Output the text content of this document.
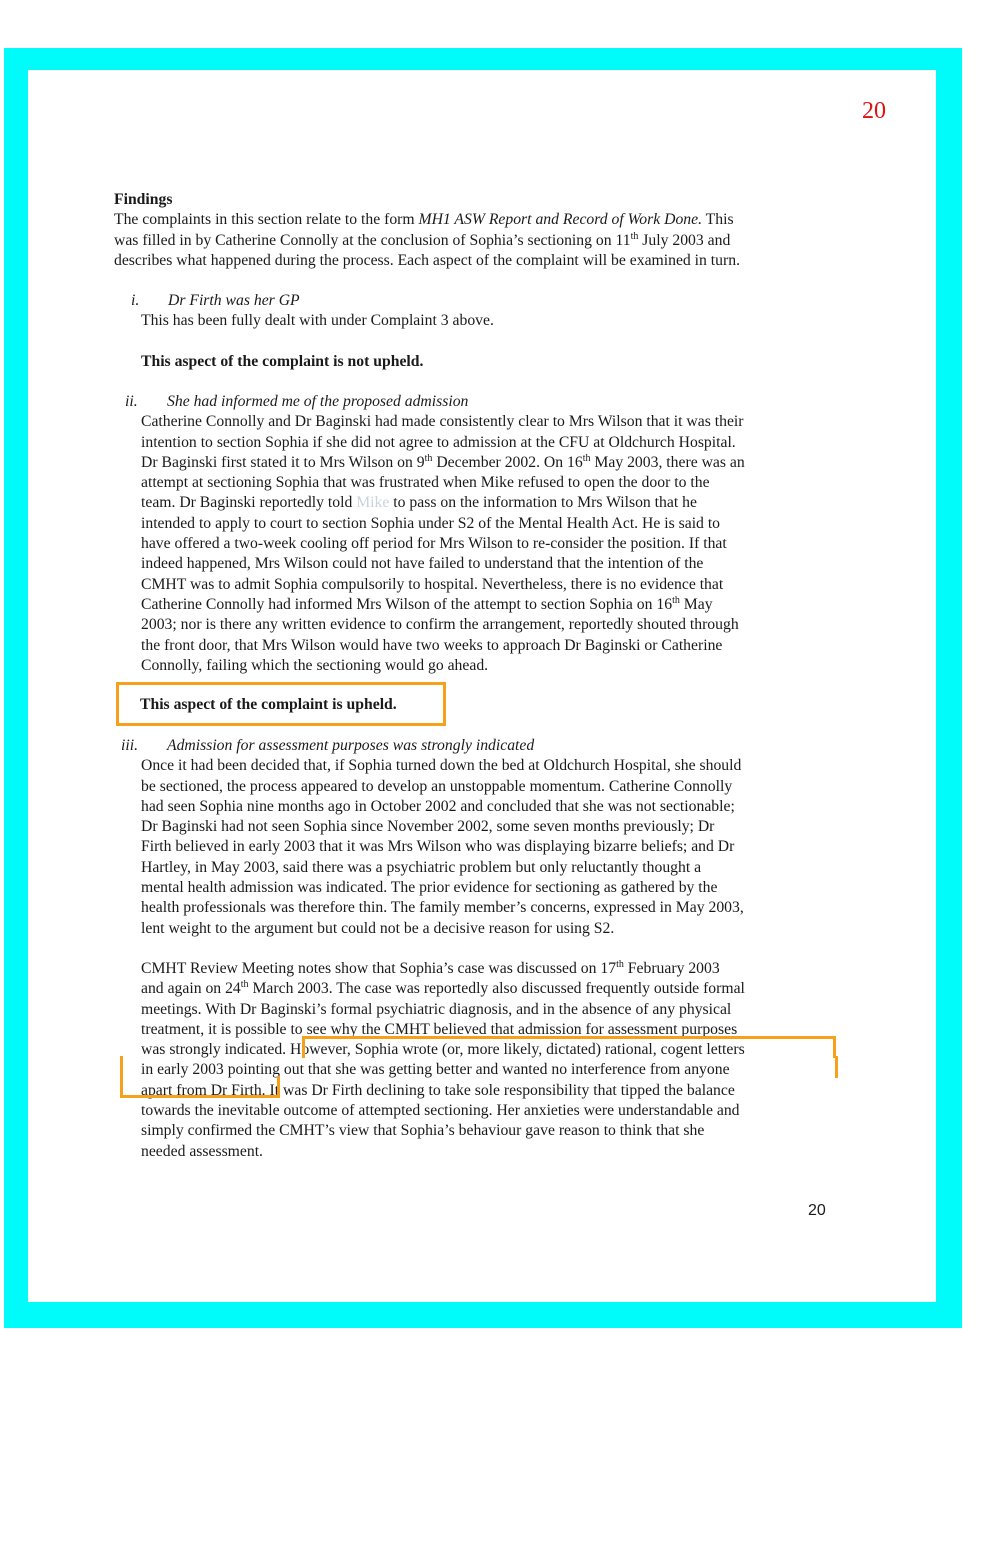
20
Findings
The complaints in this section relate to the form MH1 ASW Report and Record of Work Done. This
was filled in by Catherine Connolly at the conclusion of Sophia’s sectioning on 11th July 2003 and
describes what happened during the process. Each aspect of the complaint will be examined in turn.
i. Dr Firth was her GP
This has been fully dealt with under Complaint 3 above.
This aspect of the complaint is not upheld.
ii. She had informed me of the proposed admission
Catherine Connolly and Dr Baginski had made consistently clear to Mrs Wilson that it was their
intention to section Sophia if she did not agree to admission at the CFU at Oldchurch Hospital.
Dr Baginski first stated it to Mrs Wilson on 9th December 2002. On 16th May 2003, there was an
attempt at sectioning Sophia that was frustrated when Mike refused to open the door to the
team. Dr Baginski reportedly told Mike to pass on the information to Mrs Wilson that he
intended to apply to court to section Sophia under S2 of the Mental Health Act. He is said to
have offered a two-week cooling off period for Mrs Wilson to re-consider the position. If that
indeed happened, Mrs Wilson could not have failed to understand that the intention of the
CMHT was to admit Sophia compulsorily to hospital. Nevertheless, there is no evidence that
Catherine Connolly had informed Mrs Wilson of the attempt to section Sophia on 16th May
2003; nor is there any written evidence to confirm the arrangement, reportedly shouted through
the front door, that Mrs Wilson would have two weeks to approach Dr Baginski or Catherine
Connolly, failing which the sectioning would go ahead.
This aspect of the complaint is upheld.
iii. Admission for assessment purposes was strongly indicated
Once it had been decided that, if Sophia turned down the bed at Oldchurch Hospital, she should
be sectioned, the process appeared to develop an unstoppable momentum. Catherine Connolly
had seen Sophia nine months ago in October 2002 and concluded that she was not sectionable;
Dr Baginski had not seen Sophia since November 2002, some seven months previously; Dr
Firth believed in early 2003 that it was Mrs Wilson who was displaying bizarre beliefs; and Dr
Hartley, in May 2003, said there was a psychiatric problem but only reluctantly thought a
mental health admission was indicated. The prior evidence for sectioning as gathered by the
health professionals was therefore thin. The family member’s concerns, expressed in May 2003,
lent weight to the argument but could not be a decisive reason for using S2.
CMHT Review Meeting notes show that Sophia’s case was discussed on 17th February 2003
and again on 24th March 2003. The case was reportedly also discussed frequently outside formal
meetings. With Dr Baginski’s formal psychiatric diagnosis, and in the absence of any physical
treatment, it is possible to see why the CMHT believed that admission for assessment purposes
was strongly indicated. However, Sophia wrote (or, more likely, dictated) rational, cogent letters
in early 2003 pointing out that she was getting better and wanted no interference from anyone
apart from Dr Firth. It was Dr Firth declining to take sole responsibility that tipped the balance
towards the inevitable outcome of attempted sectioning. Her anxieties were understandable and
simply confirmed the CMHT’s view that Sophia’s behaviour gave reason to think that she
needed assessment.
20
